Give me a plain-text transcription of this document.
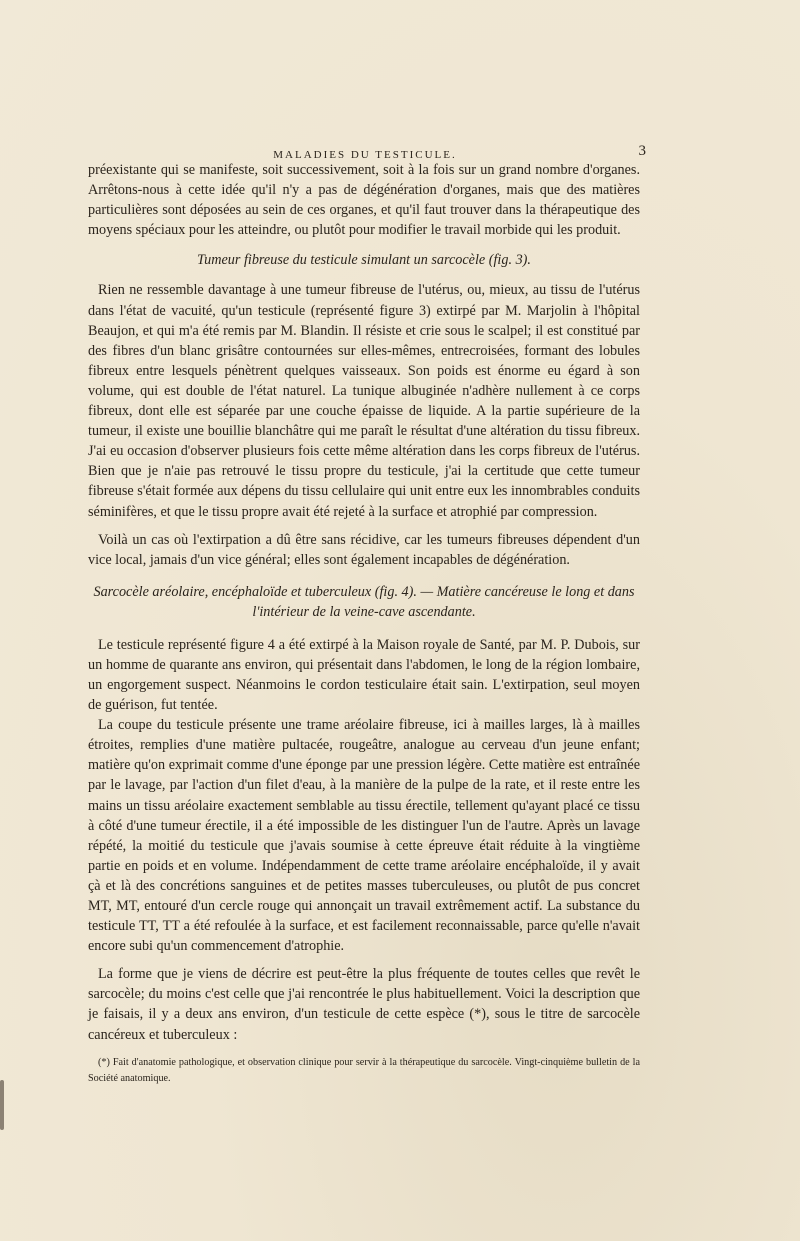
MALADIES DU TESTICULE.	3

préexistante qui se manifeste, soit successivement, soit à la fois sur un grand nombre d'organes. Arrêtons-nous à cette idée qu'il n'y a pas de dégénération d'organes, mais que des matières particulières sont déposées au sein de ces organes, et qu'il faut trouver dans la thérapeutique des moyens spéciaux pour les atteindre, ou plutôt pour modifier le travail morbide qui les produit.

Tumeur fibreuse du testicule simulant un sarcocèle (fig. 3).

Rien ne ressemble davantage à une tumeur fibreuse de l'utérus, ou, mieux, au tissu de l'utérus dans l'état de vacuité, qu'un testicule (représenté figure 3) extirpé par M. Marjolin à l'hôpital Beaujon, et qui m'a été remis par M. Blandin. Il résiste et crie sous le scalpel; il est constitué par des fibres d'un blanc grisâtre contournées sur elles-mêmes, entrecroisées, formant des lobules fibreux entre lesquels pénètrent quelques vaisseaux. Son poids est énorme eu égard à son volume, qui est double de l'état naturel. La tunique albuginée n'adhère nullement à ce corps fibreux, dont elle est séparée par une couche épaisse de liquide. A la partie supérieure de la tumeur, il existe une bouillie blanchâtre qui me paraît le résultat d'une altération du tissu fibreux. J'ai eu occasion d'observer plusieurs fois cette même altération dans les corps fibreux de l'utérus. Bien que je n'aie pas retrouvé le tissu propre du testicule, j'ai la certitude que cette tumeur fibreuse s'était formée aux dépens du tissu cellulaire qui unit entre eux les innombrables conduits séminifères, et que le tissu propre avait été rejeté à la surface et atrophié par compression.

Voilà un cas où l'extirpation a dû être sans récidive, car les tumeurs fibreuses dépendent d'un vice local, jamais d'un vice général; elles sont également incapables de dégénération.

Sarcocèle aréolaire, encéphaloïde et tuberculeux (fig. 4). — Matière cancéreuse le long et dans l'intérieur de la veine-cave ascendante.

Le testicule représenté figure 4 a été extirpé à la Maison royale de Santé, par M. P. Dubois, sur un homme de quarante ans environ, qui présentait dans l'abdomen, le long de la région lombaire, un engorgement suspect. Néanmoins le cordon testiculaire était sain. L'extirpation, seul moyen de guérison, fut tentée.

La coupe du testicule présente une trame aréolaire fibreuse, ici à mailles larges, là à mailles étroites, remplies d'une matière pultacée, rougeâtre, analogue au cerveau d'un jeune enfant; matière qu'on exprimait comme d'une éponge par une pression légère. Cette matière est entraînée par le lavage, par l'action d'un filet d'eau, à la manière de la pulpe de la rate, et il reste entre les mains un tissu aréolaire exactement semblable au tissu érectile, tellement qu'ayant placé ce tissu à côté d'une tumeur érectile, il a été impossible de les distinguer l'un de l'autre. Après un lavage répété, la moitié du testicule que j'avais soumise à cette épreuve était réduite à la vingtième partie en poids et en volume. Indépendamment de cette trame aréolaire encéphaloïde, il y avait çà et là des concrétions sanguines et de petites masses tuberculeuses, ou plutôt de pus concret MT, MT, entouré d'un cercle rouge qui annonçait un travail extrêmement actif. La substance du testicule TT, TT a été refoulée à la surface, et est facilement reconnaissable, parce qu'elle n'avait encore subi qu'un commencement d'atrophie.

La forme que je viens de décrire est peut-être la plus fréquente de toutes celles que revêt le sarcocèle; du moins c'est celle que j'ai rencontrée le plus habituellement. Voici la description que je faisais, il y a deux ans environ, d'un testicule de cette espèce (*), sous le titre de sarcocèle cancéreux et tuberculeux :

(*) Fait d'anatomie pathologique, et observation clinique pour servir à la thérapeutique du sarcocèle. Vingt-cinquième bulletin de la Société anatomique.
